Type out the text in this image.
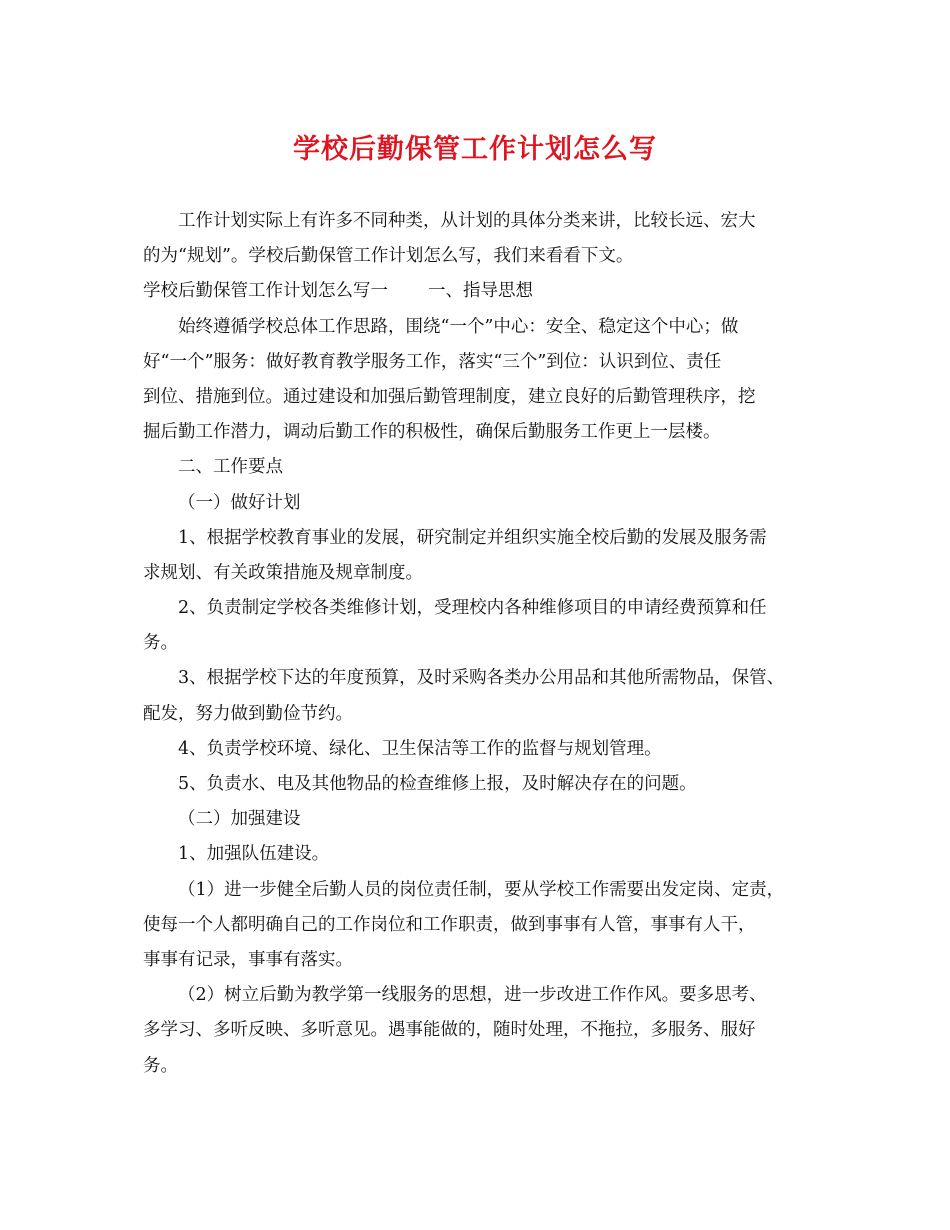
学校后勤保管工作计划怎么写

工作计划实际上有许多不同种类，从计划的具体分类来讲，比较长远、宏大

的为“规划”。学校后勤保管工作计划怎么写，我们来看看下文。

学校后勤保管工作计划怎么写一 一、指导思想

始终遵循学校总体工作思路，围绕“一个”中心：安全、稳定这个中心；做

好“一个”服务：做好教育教学服务工作，落实“三个”到位：认识到位、责任

到位、措施到位。通过建设和加强后勤管理制度，建立良好的后勤管理秩序，挖

掘后勤工作潜力，调动后勤工作的积极性，确保后勤服务工作更上一层楼。

二、工作要点

（一）做好计划

1、根据学校教育事业的发展，研究制定并组织实施全校后勤的发展及服务需

求规划、有关政策措施及规章制度。

2、负责制定学校各类维修计划，受理校内各种维修项目的申请经费预算和任

务。

3、根据学校下达的年度预算，及时采购各类办公用品和其他所需物品，保管、

配发，努力做到勤俭节约。

4、负责学校环境、绿化、卫生保洁等工作的监督与规划管理。

5、负责水、电及其他物品的检查维修上报，及时解决存在的问题。

（二）加强建设

1、加强队伍建设。

（1）进一步健全后勤人员的岗位责任制，要从学校工作需要出发定岗、定责，

使每一个人都明确自己的工作岗位和工作职责，做到事事有人管，事事有人干，

事事有记录，事事有落实。

（2）树立后勤为教学第一线服务的思想，进一步改进工作作风。要多思考、

多学习、多听反映、多听意见。遇事能做的，随时处理，不拖拉，多服务、服好

务。
